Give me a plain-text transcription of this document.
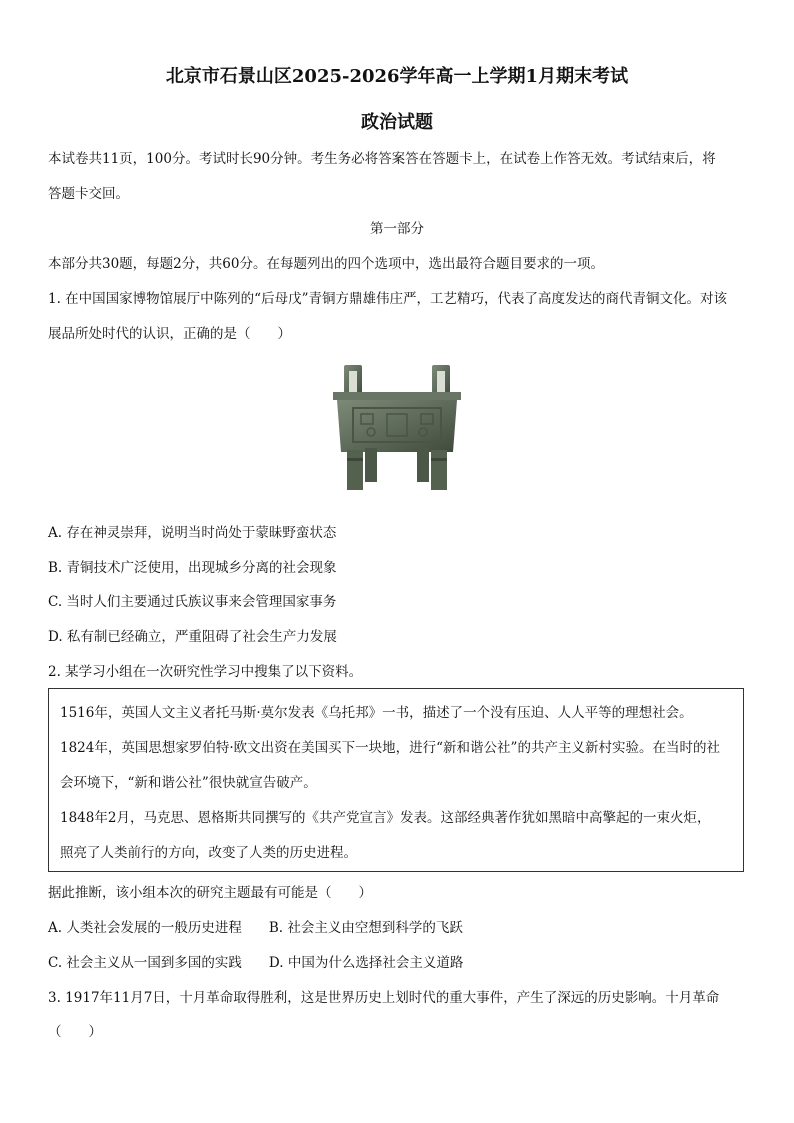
北京市石景山区2025-2026学年高一上学期1月期末考试
政治试题
本试卷共11页，100分。考试时长90分钟。考生务必将答案答在答题卡上，在试卷上作答无效。考试结束后，将
答题卡交回。
第一部分
本部分共30题，每题2分，共60分。在每题列出的四个选项中，选出最符合题目要求的一项。
1. 在中国国家博物馆展厅中陈列的“后母戊”青铜方鼎雄伟庄严，工艺精巧，代表了高度发达的商代青铜文化。对该
展品所处时代的认识，正确的是（　　）
A. 存在神灵崇拜，说明当时尚处于蒙昧野蛮状态
B. 青铜技术广泛使用，出现城乡分离的社会现象
C. 当时人们主要通过氏族议事来会管理国家事务
D. 私有制已经确立，严重阻碍了社会生产力发展
2. 某学习小组在一次研究性学习中搜集了以下资料。
1516年，英国人文主义者托马斯·莫尔发表《乌托邦》一书，描述了一个没有压迫、人人平等的理想社会。
1824年，英国思想家罗伯特·欧文出资在美国买下一块地，进行“新和谐公社”的共产主义新村实验。在当时的社
会环境下，“新和谐公社”很快就宣告破产。
1848年2月，马克思、恩格斯共同撰写的《共产党宣言》发表。这部经典著作犹如黑暗中高擎起的一束火炬，
照亮了人类前行的方向，改变了人类的历史进程。
据此推断，该小组本次的研究主题最有可能是（　　）
A. 人类社会发展的一般历史进程　　B. 社会主义由空想到科学的飞跃
C. 社会主义从一国到多国的实践　　D. 中国为什么选择社会主义道路
3. 1917年11月7日，十月革命取得胜利，这是世界历史上划时代的重大事件，产生了深远的历史影响。十月革命
（　　）
